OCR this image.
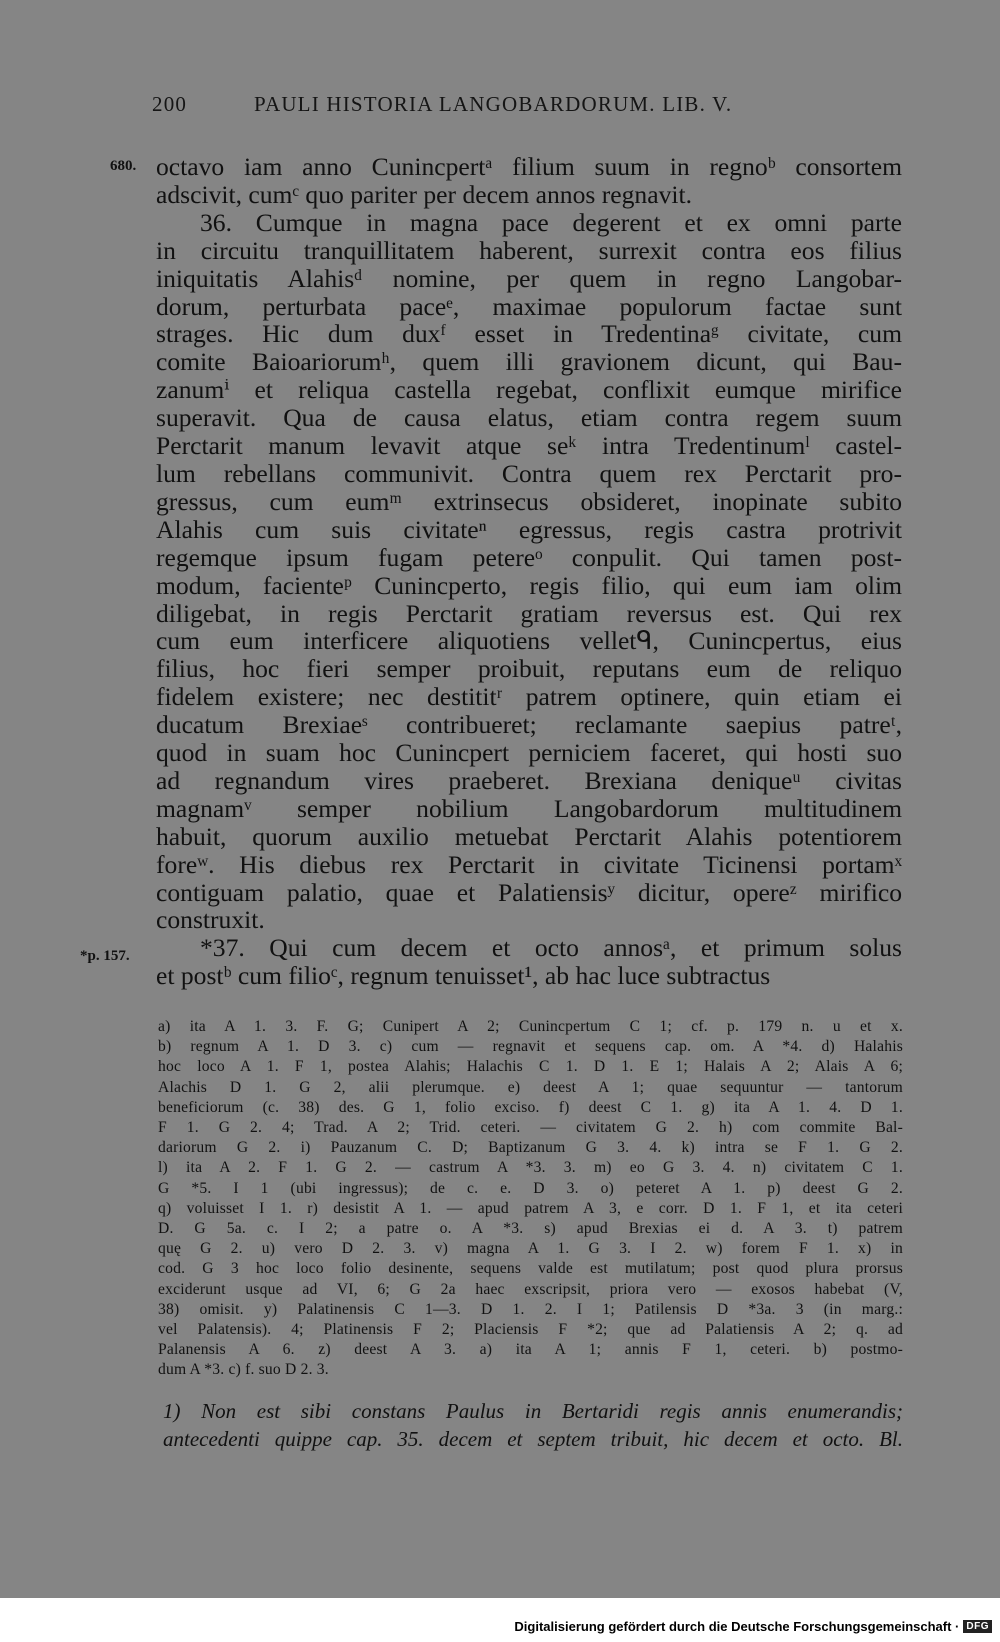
200	PAULI HISTORIA LANGOBARDORUM. LIB. V.
680.
*p. 157.
octavo iam anno Cunincpertᵃ filium suum in regnoᵇ consortem
adscivit, cumᶜ quo pariter per decem annos regnavit.
36. Cumque in magna pace degerent et ex omni parte
in circuitu tranquillitatem haberent, surrexit contra eos filius
iniquitatis Alahisᵈ nomine, per quem in regno Langobar-
dorum, perturbata paceᵉ, maximae populorum factae sunt
strages. Hic dum duxᶠ esset in Tredentinaᵍ civitate, cum
comite Baioariorumʰ, quem illi gravionem dicunt, qui Bau-
zanumⁱ et reliqua castella regebat, conflixit eumque mirifice
superavit. Qua de causa elatus, etiam contra regem suum
Perctarit manum levavit atque seᵏ intra Tredentinumˡ castel-
lum rebellans communivit. Contra quem rex Perctarit pro-
gressus, cum eumᵐ extrinsecus obsideret, inopinate subito
Alahis cum suis civitateⁿ egressus, regis castra protrivit
regemque ipsum fugam petereᵒ conpulit. Qui tamen post-
modum, facienteᵖ Cunincperto, regis filio, qui eum iam olim
diligebat, in regis Perctarit gratiam reversus est. Qui rex
cum eum interficere aliquotiens velletᑫ, Cunincpertus, eius
filius, hoc fieri semper proibuit, reputans eum de reliquo
fidelem existere; nec destititʳ patrem optinere, quin etiam ei
ducatum Brexiaeˢ contribueret; reclamante saepius patreᵗ,
quod in suam hoc Cunincpert perniciem faceret, qui hosti suo
ad regnandum vires praeberet. Brexiana deniqueᵘ civitas
magnamᵛ semper nobilium Langobardorum multitudinem
habuit, quorum auxilio metuebat Perctarit Alahis potentiorem
foreʷ. His diebus rex Perctarit in civitate Ticinensi portamˣ
contiguam palatio, quae et Palatiensisʸ dicitur, opereᶻ mirifico
construxit.
*37. Qui cum decem et octo annosᵃ, et primum solus
et postᵇ cum filioᶜ, regnum tenuisset¹, ab hac luce subtractus
a) ita A 1. 3. F. G; Cunipert A 2; Cunincpertum C 1; cf. p. 179 n. u et x.
b) regnum A 1. D 3. c) cum — regnavit et sequens cap. om. A *4. d) Halahis
hoc loco A 1. F 1, postea Alahis; Halachis C 1. D 1. E 1; Halais A 2; Alais A 6;
Alachis D 1. G 2, alii plerumque. e) deest A 1; quae sequuntur — tantorum
beneficiorum (c. 38) des. G 1, folio exciso. f) deest C 1. g) ita A 1. 4. D 1.
F 1. G 2. 4; Trad. A 2; Trid. ceteri. — civitatem G 2. h) com commite Bal-
dariorum G 2. i) Pauzanum C. D; Baptizanum G 3. 4. k) intra se F 1. G 2.
l) ita A 2. F 1. G 2. — castrum A *3. 3. m) eo G 3. 4. n) civitatem C 1.
G *5. I 1 (ubi ingressus); de c. e. D 3. o) peteret A 1. p) deest G 2.
q) voluisset I 1. r) desistit A 1. — apud patrem A 3, e corr. D 1. F 1, et ita ceteri
D. G 5a. c. I 2; a patre o. A *3. s) apud Brexias ei d. A 3. t) patrem
quę G 2. u) vero D 2. 3. v) magna A 1. G 3. I 2. w) forem F 1. x) in
cod. G 3 hoc loco folio desinente, sequens valde est mutilatum; post quod plura prorsus
exciderunt usque ad VI, 6; G 2a haec exscripsit, priora vero — exosos habebat (V,
38) omisit. y) Palatinensis C 1—3. D 1. 2. I 1; Patilensis D *3a. 3 (in marg.:
vel Palatensis). 4; Platinensis F 2; Placiensis F *2; que ad Palatiensis A 2; q. ad
Palanensis A 6. z) deest A 3. a) ita A 1; annis F 1, ceteri. b) postmo-
dum A *3. c) f. suo D 2. 3.
1) Non est sibi constans Paulus in Bertaridi regis annis enumerandis;
antecedenti quippe cap. 35. decem et septem tribuit, hic decem et octo. Bl.
Digitalisierung gefördert durch die Deutsche Forschungsgemeinschaft · DFG
